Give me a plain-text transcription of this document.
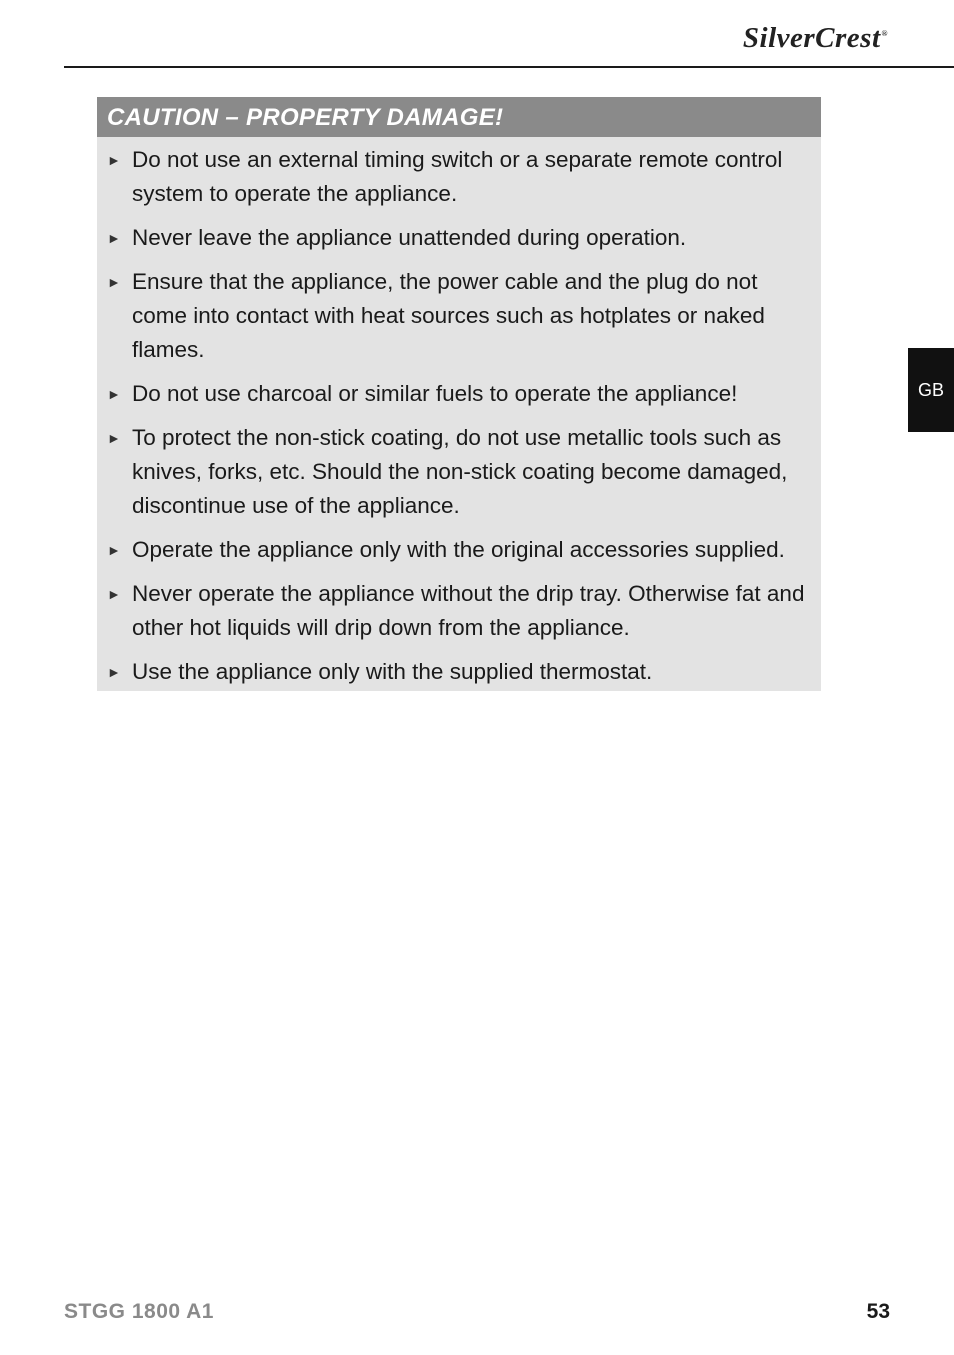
SilverCrest®
CAUTION – PROPERTY DAMAGE!
► Do not use an external timing switch or a separate remote control system to operate the appliance.
► Never leave the appliance unattended during operation.
► Ensure that the appliance, the power cable and the plug do not come into contact with heat sources such as hotplates or naked flames.
► Do not use charcoal or similar fuels to operate the appliance!
► To protect the non-stick coating, do not use metallic tools such as knives, forks, etc. Should the non-stick coating become damaged, discontinue use of the appliance.
► Operate the appliance only with the original accessories supplied.
► Never operate the appliance without the drip tray. Otherwise fat and other hot liquids will drip down from the appliance.
► Use the appliance only with the supplied thermostat.
GB
STGG 1800 A1	53
